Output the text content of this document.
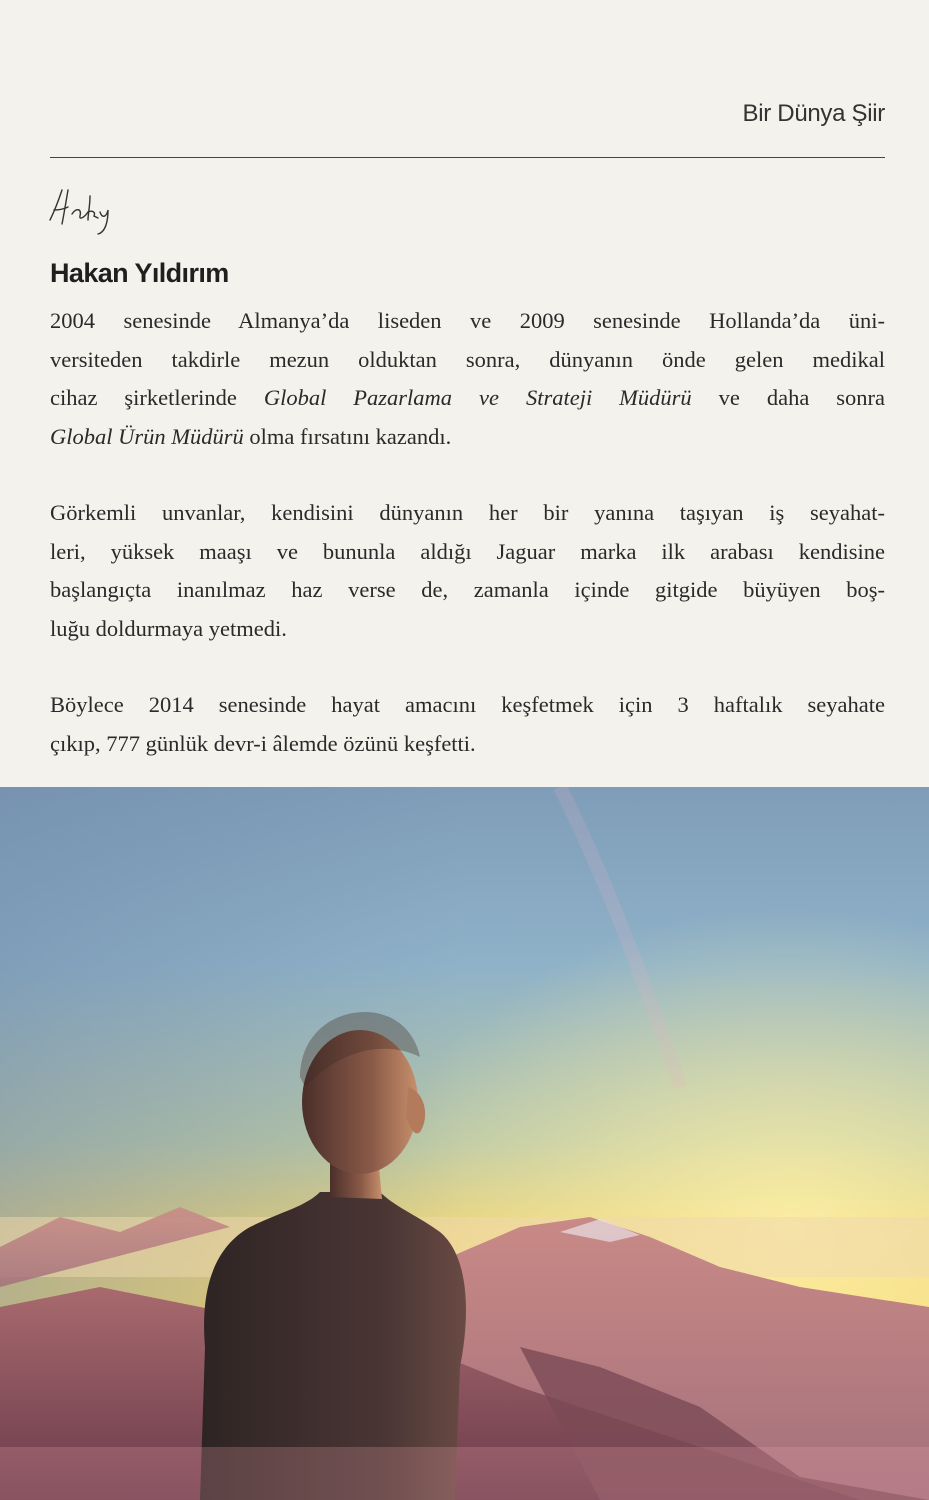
Bir Dünya Şiir
Hakan Yıldırım

2004 senesinde Almanya’da liseden ve 2009 senesinde Hollanda’da üni-
versiteden takdirle mezun olduktan sonra, dünyanın önde gelen medikal
cihaz şirketlerinde Global Pazarlama ve Strateji Müdürü ve daha sonra
Global Ürün Müdürü olma fırsatını kazandı.

Görkemli unvanlar, kendisini dünyanın her bir yanına taşıyan iş seyahat-
leri, yüksek maaşı ve bununla aldığı Jaguar marka ilk arabası kendisine
başlangıçta inanılmaz haz verse de, zamanla içinde gitgide büyüyen boş-
luğu doldurmaya yetmedi.

Böylece 2014 senesinde hayat amacını keşfetmek için 3 haftalık seyahate
çıkıp, 777 günlük devr-i âlemde özünü keşfetti.
